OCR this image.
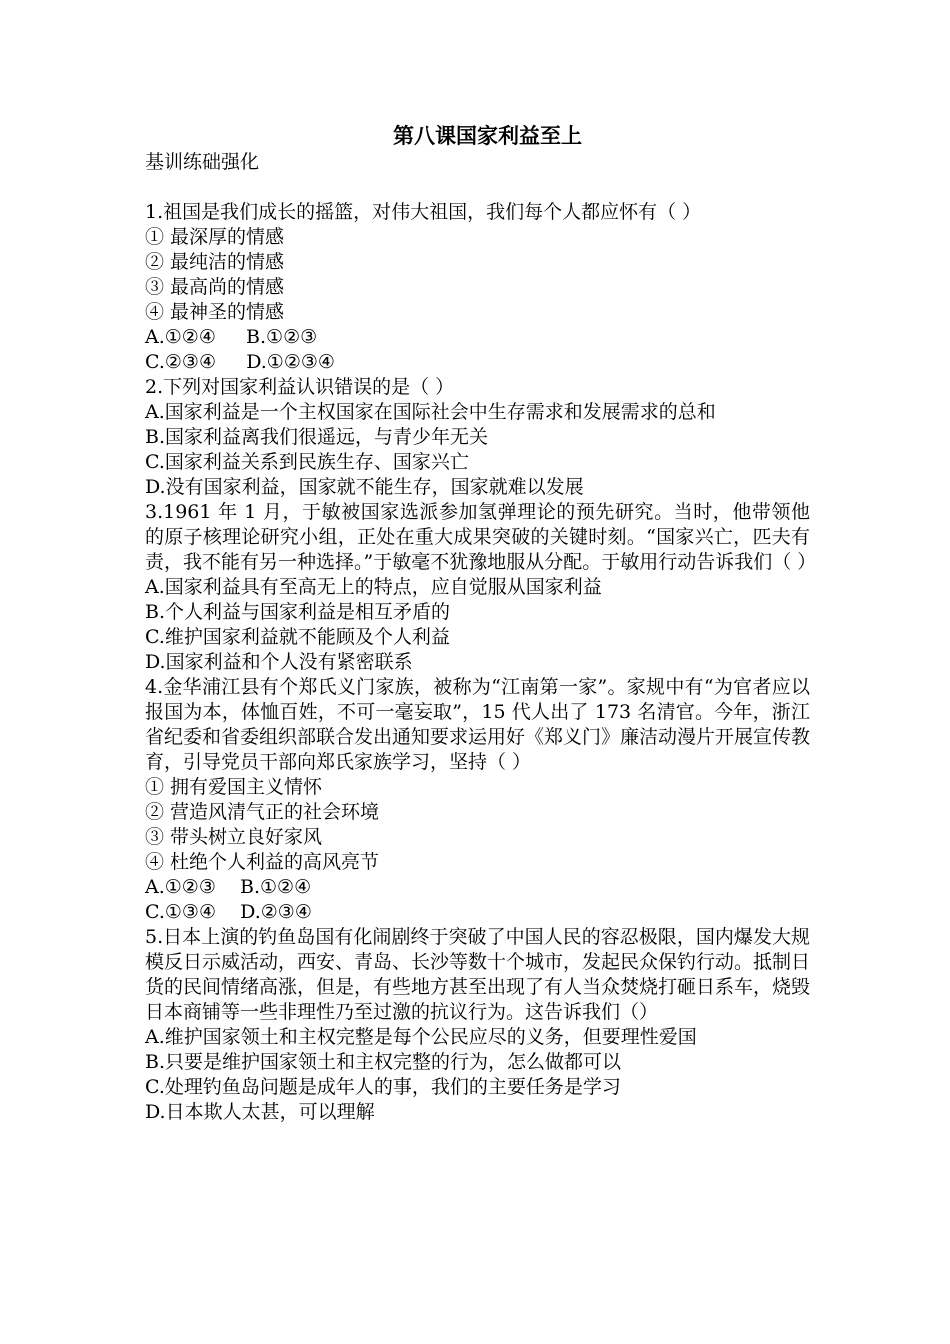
第八课国家利益至上
基训练础强化
1.祖国是我们成长的摇篮，对伟大祖国，我们每个人都应怀有（ ）
① 最深厚的情感
② 最纯洁的情感
③ 最高尚的情感
④ 最神圣的情感
A.①②④     B.①②③
C.②③④     D.①②③④
2.下列对国家利益认识错误的是（ ）
A.国家利益是一个主权国家在国际社会中生存需求和发展需求的总和
B.国家利益离我们很遥远，与青少年无关
C.国家利益关系到民族生存、国家兴亡
D.没有国家利益，国家就不能生存，国家就难以发展
3.1961 年 1 月，于敏被国家选派参加氢弹理论的预先研究。当时，他带领他的原子核理论研究小组，正处在重大成果突破的关键时刻。“国家兴亡，匹夫有责，我不能有另一种选择。”于敏毫不犹豫地服从分配。于敏用行动告诉我们（ ）
A.国家利益具有至高无上的特点，应自觉服从国家利益
B.个人利益与国家利益是相互矛盾的
C.维护国家利益就不能顾及个人利益
D.国家利益和个人没有紧密联系
4.金华浦江县有个郑氏义门家族，被称为“江南第一家”。家规中有“为官者应以报国为本，体恤百姓，不可一毫妄取”，15 代人出了 173 名清官。今年，浙江省纪委和省委组织部联合发出通知要求运用好《郑义门》廉洁动漫片开展宣传教育，引导党员干部向郑氏家族学习，坚持（ ）
① 拥有爱国主义情怀
② 营造风清气正的社会环境
③ 带头树立良好家风
④ 杜绝个人利益的高风亮节
A.①②③    B.①②④
C.①③④    D.②③④
5.日本上演的钓鱼岛国有化闹剧终于突破了中国人民的容忍极限，国内爆发大规模反日示威活动，西安、青岛、长沙等数十个城市，发起民众保钓行动。抵制日货的民间情绪高涨，但是，有些地方甚至出现了有人当众焚烧打砸日系车，烧毁日本商铺等一些非理性乃至过激的抗议行为。这告诉我们（）
A.维护国家领土和主权完整是每个公民应尽的义务，但要理性爱国
B.只要是维护国家领土和主权完整的行为，怎么做都可以
C.处理钓鱼岛问题是成年人的事，我们的主要任务是学习
D.日本欺人太甚，可以理解
